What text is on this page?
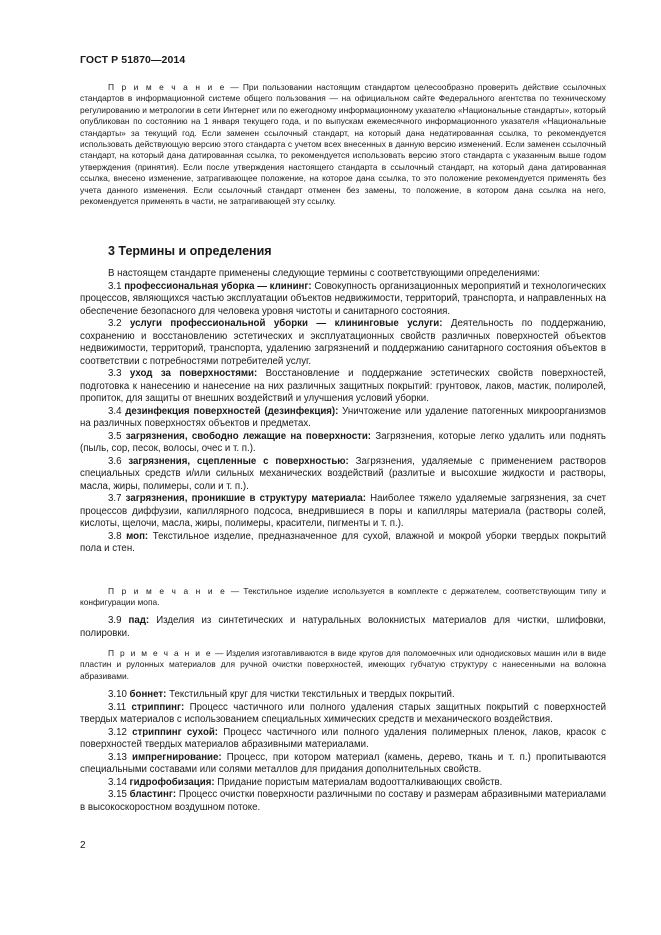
ГОСТ Р 51870—2014
П р и м е ч а н и е — При пользовании настоящим стандартом целесообразно проверить действие ссылочных стандартов в информационной системе общего пользования — на официальном сайте Федерального агентства по техническому регулированию и метрологии в сети Интернет или по ежегодному информационному указателю «Национальные стандарты», который опубликован по состоянию на 1 января текущего года, и по выпускам ежемесячного информационного указателя «Национальные стандарты» за текущий год. Если заменен ссылочный стандарт, на который дана недатированная ссылка, то рекомендуется использовать действующую версию этого стандарта с учетом всех внесенных в данную версию изменений. Если заменен ссылочный стандарт, на который дана датированная ссылка, то рекомендуется использовать версию этого стандарта с указанным выше годом утверждения (принятия). Если после утверждения настоящего стандарта в ссылочный стандарт, на который дана датированная ссылка, внесено изменение, затрагивающее положение, на которое дана ссылка, то это положение рекомендуется применять без учета данного изменения. Если ссылочный стандарт отменен без замены, то положение, в котором дана ссылка на него, рекомендуется применять в части, не затрагивающей эту ссылку.
3 Термины и определения

В настоящем стандарте применены следующие термины с соответствующими определениями:

3.1 профессиональная уборка — клининг: Совокупность организационных мероприятий и технологических процессов, являющихся частью эксплуатации объектов недвижимости, территорий, транспорта, и направленных на обеспечение безопасного для человека уровня чистоты и санитарного состояния.

3.2 услуги профессиональной уборки — клининговые услуги: Деятельность по поддержанию, сохранению и восстановлению эстетических и эксплуатационных свойств различных поверхностей объектов недвижимости, территорий, транспорта, удалению загрязнений и поддержанию санитарного состояния объектов в соответствии с потребностями потребителей услуг.

3.3 уход за поверхностями: Восстановление и поддержание эстетических свойств поверхностей, подготовка к нанесению и нанесение на них различных защитных покрытий: грунтовок, лаков, мастик, полиролей, пропиток, для защиты от внешних воздействий и улучшения условий уборки.

3.4 дезинфекция поверхностей (дезинфекция): Уничтожение или удаление патогенных микроорганизмов на различных поверхностях объектов и предметах.

3.5 загрязнения, свободно лежащие на поверхности: Загрязнения, которые легко удалить или поднять (пыль, сор, песок, волосы, очес и т. п.).

3.6 загрязнения, сцепленные с поверхностью: Загрязнения, удаляемые с применением растворов специальных средств и/или сильных механических воздействий (разлитые и высохшие жидкости и растворы, масла, жиры, полимеры, соли и т. п.).

3.7 загрязнения, проникшие в структуру материала: Наиболее тяжело удаляемые загрязнения, за счет процессов диффузии, капиллярного подсоса, внедрившиеся в поры и капилляры материала (растворы солей, кислоты, щелочи, масла, жиры, полимеры, красители, пигменты и т. п.).

3.8 моп: Текстильное изделие, предназначенное для сухой, влажной и мокрой уборки твердых покрытий пола и стен.

П р и м е ч а н и е — Текстильное изделие используется в комплекте с держателем, соответствующим типу и конфигурации мопа.

3.9 пад: Изделия из синтетических и натуральных волокнистых материалов для чистки, шлифовки, полировки.

П р и м е ч а н и е — Изделия изготавливаются в виде кругов для поломоечных или однодисковых машин или в виде пластин и рулонных материалов для ручной очистки поверхностей, имеющих губчатую структуру с нанесенными на волокна абразивами.

3.10 боннет: Текстильный круг для чистки текстильных и твердых покрытий.

3.11 стриппинг: Процесс частичного или полного удаления старых защитных покрытий с поверхностей твердых материалов с использованием специальных химических средств и механического воздействия.

3.12 стриппинг сухой: Процесс частичного или полного удаления полимерных пленок, лаков, красок с поверхностей твердых материалов абразивными материалами.

3.13 импрегнирование: Процесс, при котором материал (камень, дерево, ткань и т. п.) пропитываются специальными составами или солями металлов для придания дополнительных свойств.

3.14 гидрофобизация: Придание пористым материалам водоотталкивающих свойств.

3.15 бластинг: Процесс очистки поверхности различными по составу и размерам абразивными материалами в высокоскоростном воздушном потоке.

2
